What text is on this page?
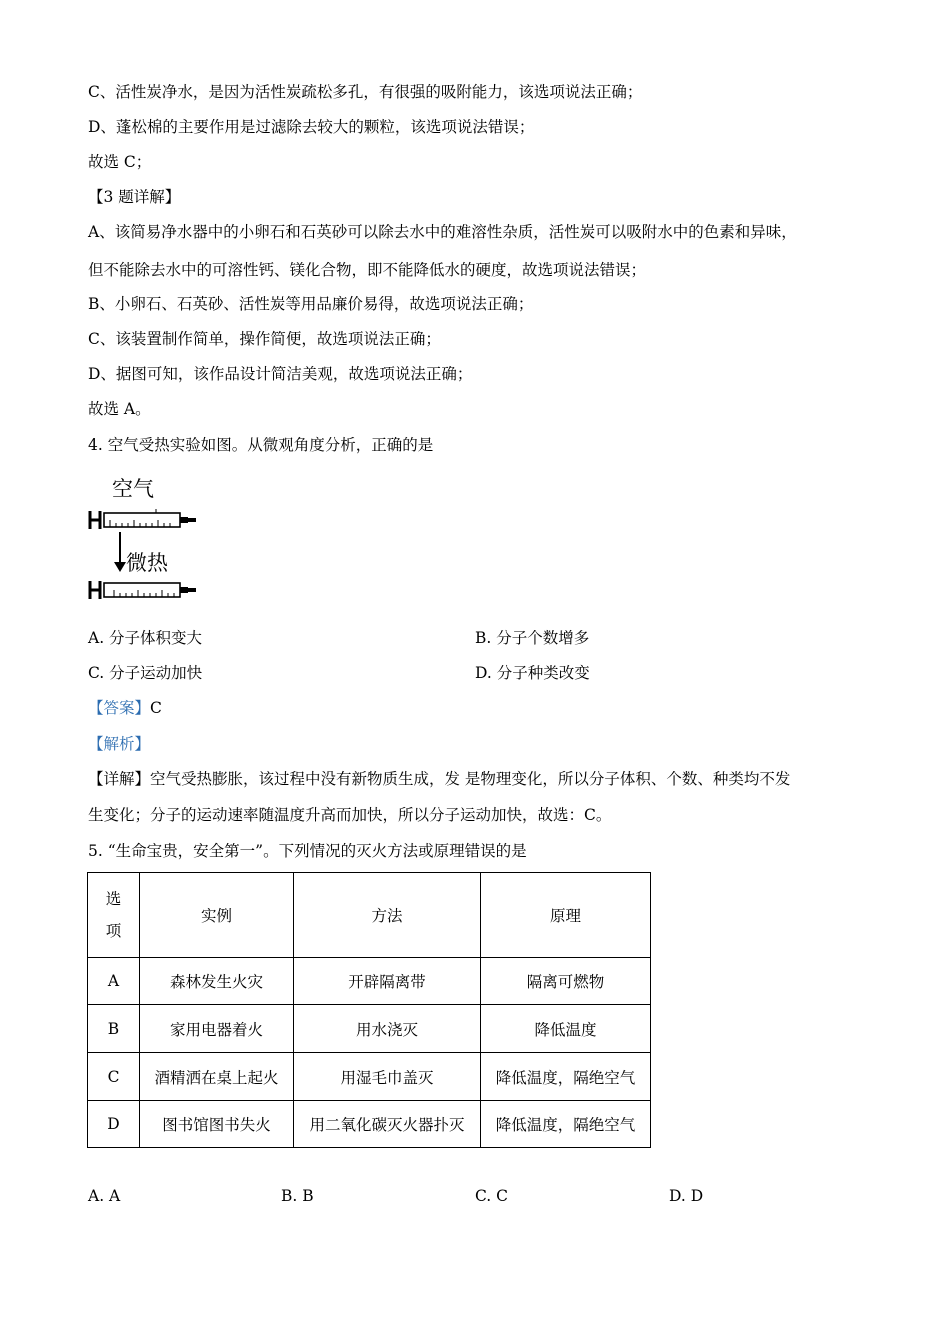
C、活性炭净水，是因为活性炭疏松多孔，有很强的吸附能力，该选项说法正确；
D、蓬松棉的主要作用是过滤除去较大的颗粒，该选项说法错误；
故选 C；
【3 题详解】
A、该简易净水器中的小卵石和石英砂可以除去水中的难溶性杂质，活性炭可以吸附水中的色素和异味，
但不能除去水中的可溶性钙、镁化合物，即不能降低水的硬度，故选项说法错误；
B、小卵石、石英砂、活性炭等用品廉价易得，故选项说法正确；
C、该装置制作简单，操作简便，故选项说法正确；
D、据图可知，该作品设计简洁美观，故选项说法正确；
故选 A。
4. 空气受热实验如图。从微观角度分析，正确的是
空气
微热
A. 分子体积变大	B. 分子个数增多
C. 分子运动加快	D. 分子种类改变
【答案】C
【解析】
【详解】空气受热膨胀，该过程中没有新物质生成，发 是物理变化，所以分子体积、个数、种类均不发
生变化；分子的运动速率随温度升高而加快，所以分子运动加快，故选：C。
5. “生命宝贵，安全第一”。下列情况的灭火方法或原理错误的是
选
项	实例	方法	原理
A	森林发生火灾	开辟隔离带	隔离可燃物
B	家用电器着火	用水浇灭	降低温度
C	酒精洒在桌上起火	用湿毛巾盖灭	降低温度，隔绝空气
D	图书馆图书失火	用二氧化碳灭火器扑灭	降低温度，隔绝空气
A. A	B. B	C. C	D. D
